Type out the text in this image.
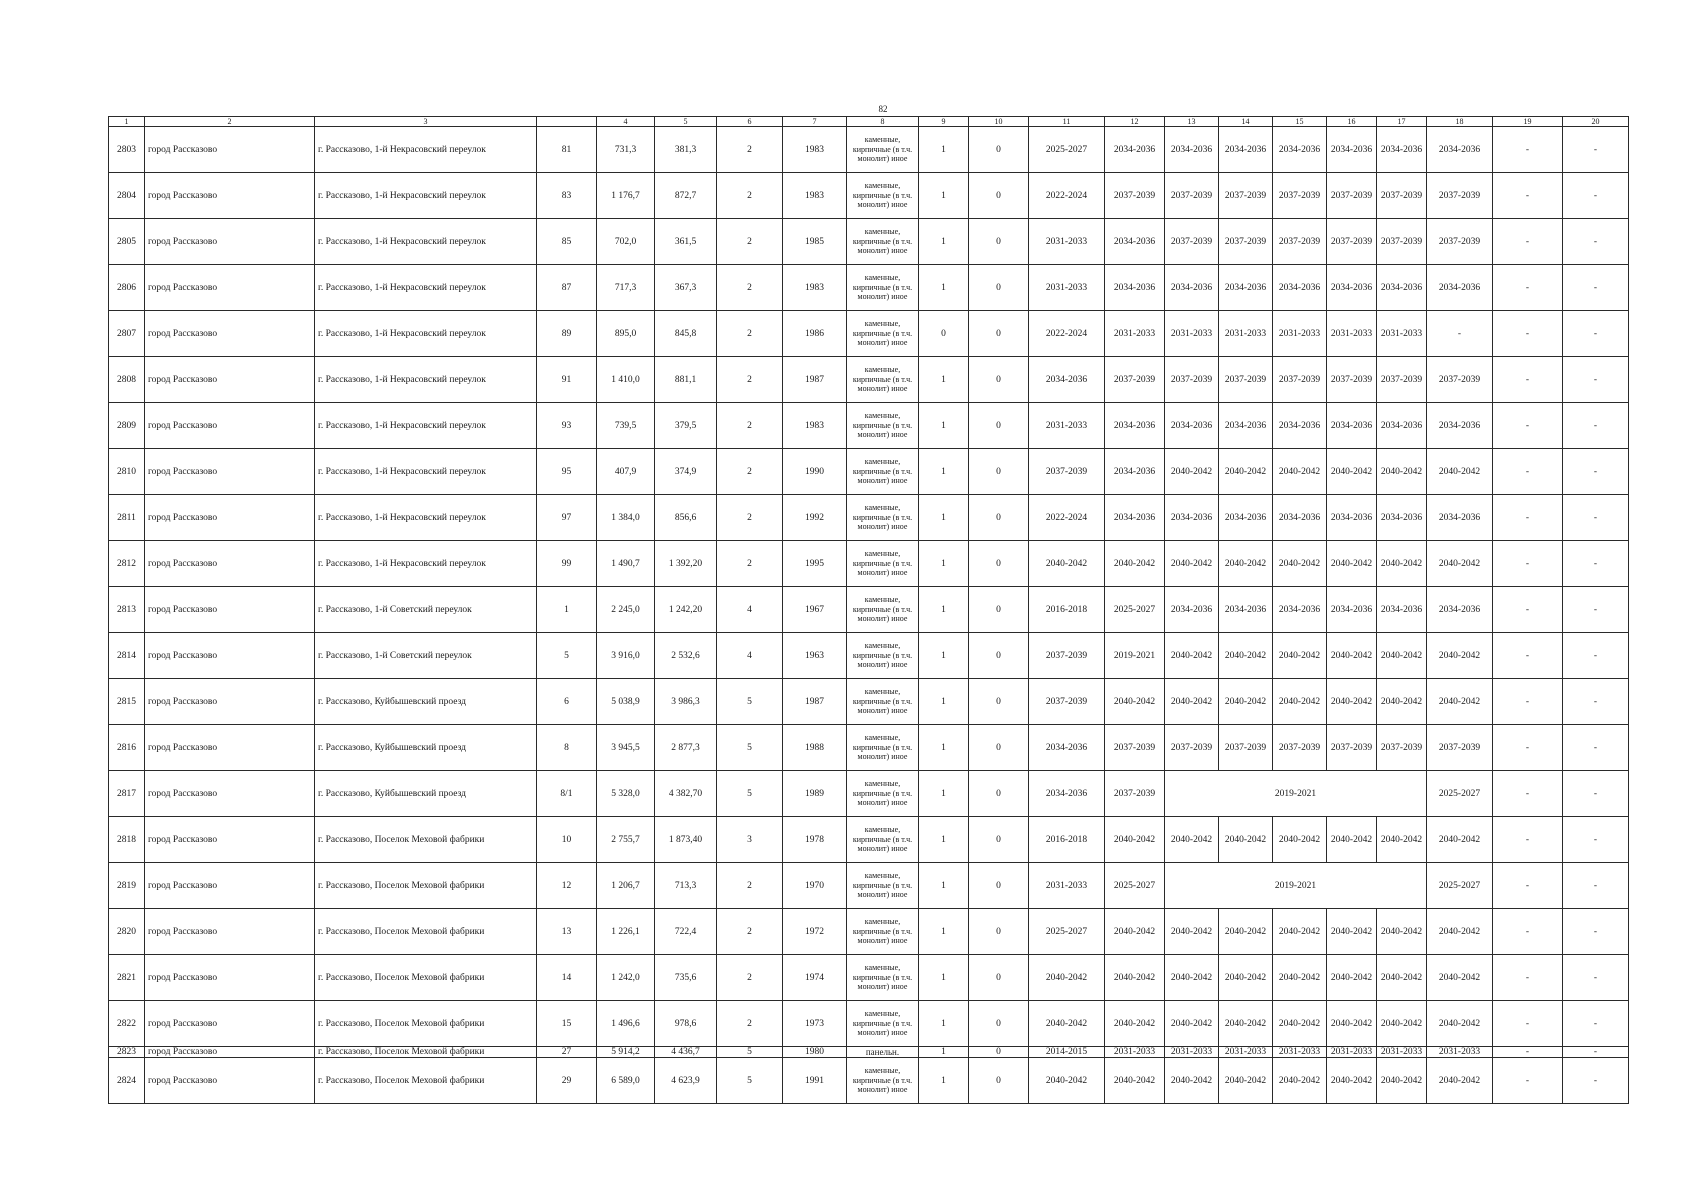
82
1	2	3		4	5	6	7	8	9	10	11	12	13	14	15	16	17	18	19	20
2803	город Рассказово	г. Рассказово, 1-й Некрасовский переулок	81	731,3	381,3	2	1983	каменные, кирпичные (в т.ч. монолит) иное	1	0	2025-2027	2034-2036	2034-2036	2034-2036	2034-2036	2034-2036	2034-2036	2034-2036	-	-
2804	город Рассказово	г. Рассказово, 1-й Некрасовский переулок	83	1 176,7	872,7	2	1983	каменные, кирпичные (в т.ч. монолит) иное	1	0	2022-2024	2037-2039	2037-2039	2037-2039	2037-2039	2037-2039	2037-2039	2037-2039	-	-
2805	город Рассказово	г. Рассказово, 1-й Некрасовский переулок	85	702,0	361,5	2	1985	каменные, кирпичные (в т.ч. монолит) иное	1	0	2031-2033	2034-2036	2037-2039	2037-2039	2037-2039	2037-2039	2037-2039	2037-2039	-	-
2806	город Рассказово	г. Рассказово, 1-й Некрасовский переулок	87	717,3	367,3	2	1983	каменные, кирпичные (в т.ч. монолит) иное	1	0	2031-2033	2034-2036	2034-2036	2034-2036	2034-2036	2034-2036	2034-2036	2034-2036	-	-
2807	город Рассказово	г. Рассказово, 1-й Некрасовский переулок	89	895,0	845,8	2	1986	каменные, кирпичные (в т.ч. монолит) иное	0	0	2022-2024	2031-2033	2031-2033	2031-2033	2031-2033	2031-2033	2031-2033	-	-	-
2808	город Рассказово	г. Рассказово, 1-й Некрасовский переулок	91	1 410,0	881,1	2	1987	каменные, кирпичные (в т.ч. монолит) иное	1	0	2034-2036	2037-2039	2037-2039	2037-2039	2037-2039	2037-2039	2037-2039	2037-2039	-	-
2809	город Рассказово	г. Рассказово, 1-й Некрасовский переулок	93	739,5	379,5	2	1983	каменные, кирпичные (в т.ч. монолит) иное	1	0	2031-2033	2034-2036	2034-2036	2034-2036	2034-2036	2034-2036	2034-2036	2034-2036	-	-
2810	город Рассказово	г. Рассказово, 1-й Некрасовский переулок	95	407,9	374,9	2	1990	каменные, кирпичные (в т.ч. монолит) иное	1	0	2037-2039	2034-2036	2040-2042	2040-2042	2040-2042	2040-2042	2040-2042	2040-2042	-	-
2811	город Рассказово	г. Рассказово, 1-й Некрасовский переулок	97	1 384,0	856,6	2	1992	каменные, кирпичные (в т.ч. монолит) иное	1	0	2022-2024	2034-2036	2034-2036	2034-2036	2034-2036	2034-2036	2034-2036	2034-2036	-	-
2812	город Рассказово	г. Рассказово, 1-й Некрасовский переулок	99	1 490,7	1 392,20	2	1995	каменные, кирпичные (в т.ч. монолит) иное	1	0	2040-2042	2040-2042	2040-2042	2040-2042	2040-2042	2040-2042	2040-2042	2040-2042	-	-
2813	город Рассказово	г. Рассказово, 1-й Советский переулок	1	2 245,0	1 242,20	4	1967	каменные, кирпичные (в т.ч. монолит) иное	1	0	2016-2018	2025-2027	2034-2036	2034-2036	2034-2036	2034-2036	2034-2036	2034-2036	-	-
2814	город Рассказово	г. Рассказово, 1-й Советский переулок	5	3 916,0	2 532,6	4	1963	каменные, кирпичные (в т.ч. монолит) иное	1	0	2037-2039	2019-2021	2040-2042	2040-2042	2040-2042	2040-2042	2040-2042	2040-2042	-	-
2815	город Рассказово	г. Рассказово, Куйбышевский проезд	6	5 038,9	3 986,3	5	1987	каменные, кирпичные (в т.ч. монолит) иное	1	0	2037-2039	2040-2042	2040-2042	2040-2042	2040-2042	2040-2042	2040-2042	2040-2042	-	-
2816	город Рассказово	г. Рассказово, Куйбышевский проезд	8	3 945,5	2 877,3	5	1988	каменные, кирпичные (в т.ч. монолит) иное	1	0	2034-2036	2037-2039	2037-2039	2037-2039	2037-2039	2037-2039	2037-2039	2037-2039	-	-
2817	город Рассказово	г. Рассказово, Куйбышевский проезд	8/1	5 328,0	4 382,70	5	1989	каменные, кирпичные (в т.ч. монолит) иное	1	0	2034-2036	2037-2039	2019-2021					2025-2027	-	-
2818	город Рассказово	г. Рассказово, Поселок Меховой фабрики	10	2 755,7	1 873,40	3	1978	каменные, кирпичные (в т.ч. монолит) иное	1	0	2016-2018	2040-2042	2040-2042	2040-2042	2040-2042	2040-2042	2040-2042	2040-2042	-	-
2819	город Рассказово	г. Рассказово, Поселок Меховой фабрики	12	1 206,7	713,3	2	1970	каменные, кирпичные (в т.ч. монолит) иное	1	0	2031-2033	2025-2027	2019-2021					2025-2027	-	-
2820	город Рассказово	г. Рассказово, Поселок Меховой фабрики	13	1 226,1	722,4	2	1972	каменные, кирпичные (в т.ч. монолит) иное	1	0	2025-2027	2040-2042	2040-2042	2040-2042	2040-2042	2040-2042	2040-2042	2040-2042	-	-
2821	город Рассказово	г. Рассказово, Поселок Меховой фабрики	14	1 242,0	735,6	2	1974	каменные, кирпичные (в т.ч. монолит) иное	1	0	2040-2042	2040-2042	2040-2042	2040-2042	2040-2042	2040-2042	2040-2042	2040-2042	-	-
2822	город Рассказово	г. Рассказово, Поселок Меховой фабрики	15	1 496,6	978,6	2	1973	каменные, кирпичные (в т.ч. монолит) иное	1	0	2040-2042	2040-2042	2040-2042	2040-2042	2040-2042	2040-2042	2040-2042	2040-2042	-	-
2823	город Рассказово	г. Рассказово, Поселок Меховой фабрики	27	5 914,2	4 436,7	5	1980	панельн.	1	0	2014-2015	2031-2033	2031-2033	2031-2033	2031-2033	2031-2033	2031-2033	2031-2033	-	-
2824	город Рассказово	г. Рассказово, Поселок Меховой фабрики	29	6 589,0	4 623,9	5	1991	каменные, кирпичные (в т.ч. монолит) иное	1	0	2040-2042	2040-2042	2040-2042	2040-2042	2040-2042	2040-2042	2040-2042	2040-2042	-	-
